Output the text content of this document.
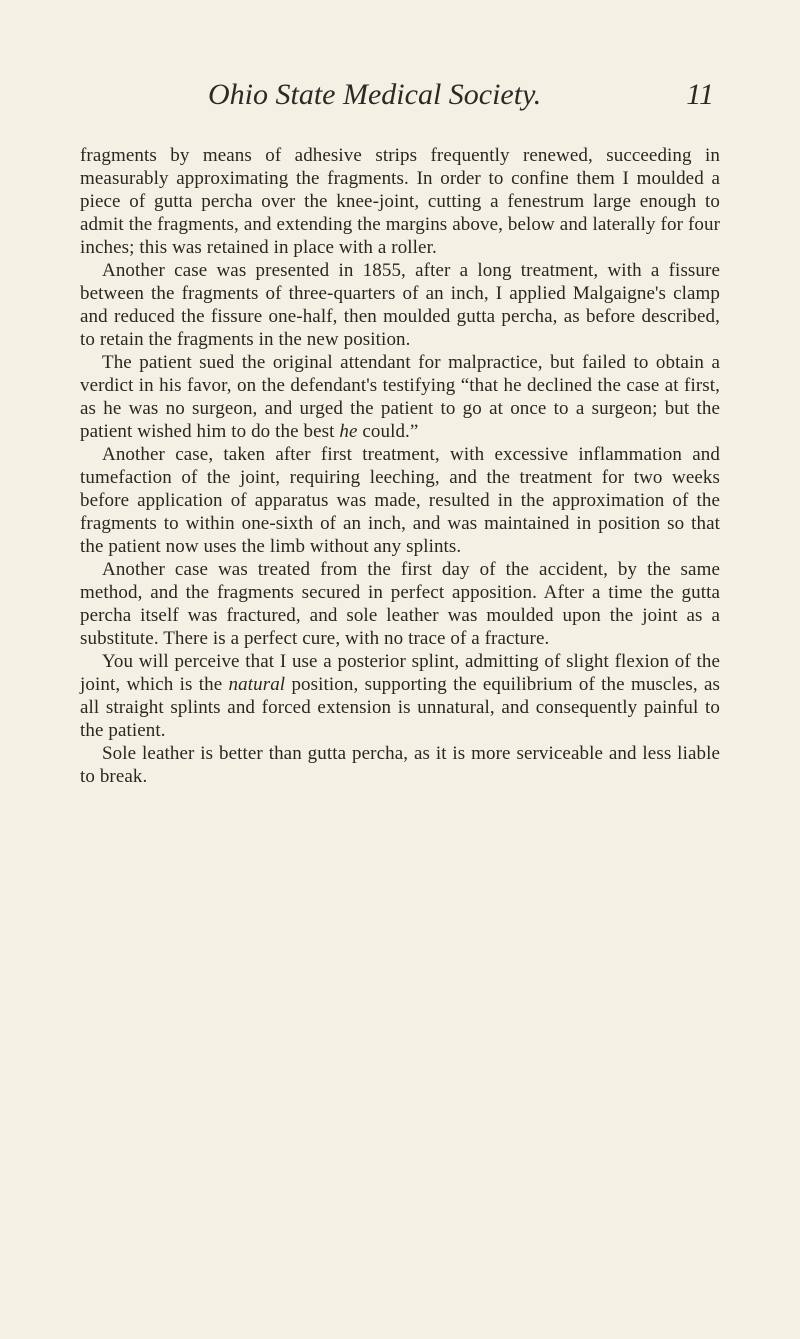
Ohio State Medical Society.	11

fragments by means of adhesive strips frequently renewed, succeeding in measurably approximating the fragments. In order to confine them I moulded a piece of gutta percha over the knee-joint, cutting a fenestrum large enough to admit the fragments, and extending the margins above, below and laterally for four inches; this was retained in place with a roller.

Another case was presented in 1855, after a long treatment, with a fissure between the fragments of three-quarters of an inch, I applied Malgaigne's clamp and reduced the fissure one-half, then moulded gutta percha, as before described, to retain the fragments in the new position.

The patient sued the original attendant for malpractice, but failed to obtain a verdict in his favor, on the defendant's testifying “that he declined the case at first, as he was no surgeon, and urged the patient to go at once to a surgeon; but the patient wished him to do the best he could.”

Another case, taken after first treatment, with excessive inflammation and tumefaction of the joint, requiring leeching, and the treatment for two weeks before application of apparatus was made, resulted in the approximation of the fragments to within one-sixth of an inch, and was maintained in position so that the patient now uses the limb without any splints.

Another case was treated from the first day of the accident, by the same method, and the fragments secured in perfect apposition. After a time the gutta percha itself was fractured, and sole leather was moulded upon the joint as a substitute. There is a perfect cure, with no trace of a fracture.

You will perceive that I use a posterior splint, admitting of slight flexion of the joint, which is the natural position, supporting the equilibrium of the muscles, as all straight splints and forced extension is unnatural, and consequently painful to the patient.

Sole leather is better than gutta percha, as it is more serviceable and less liable to break.
